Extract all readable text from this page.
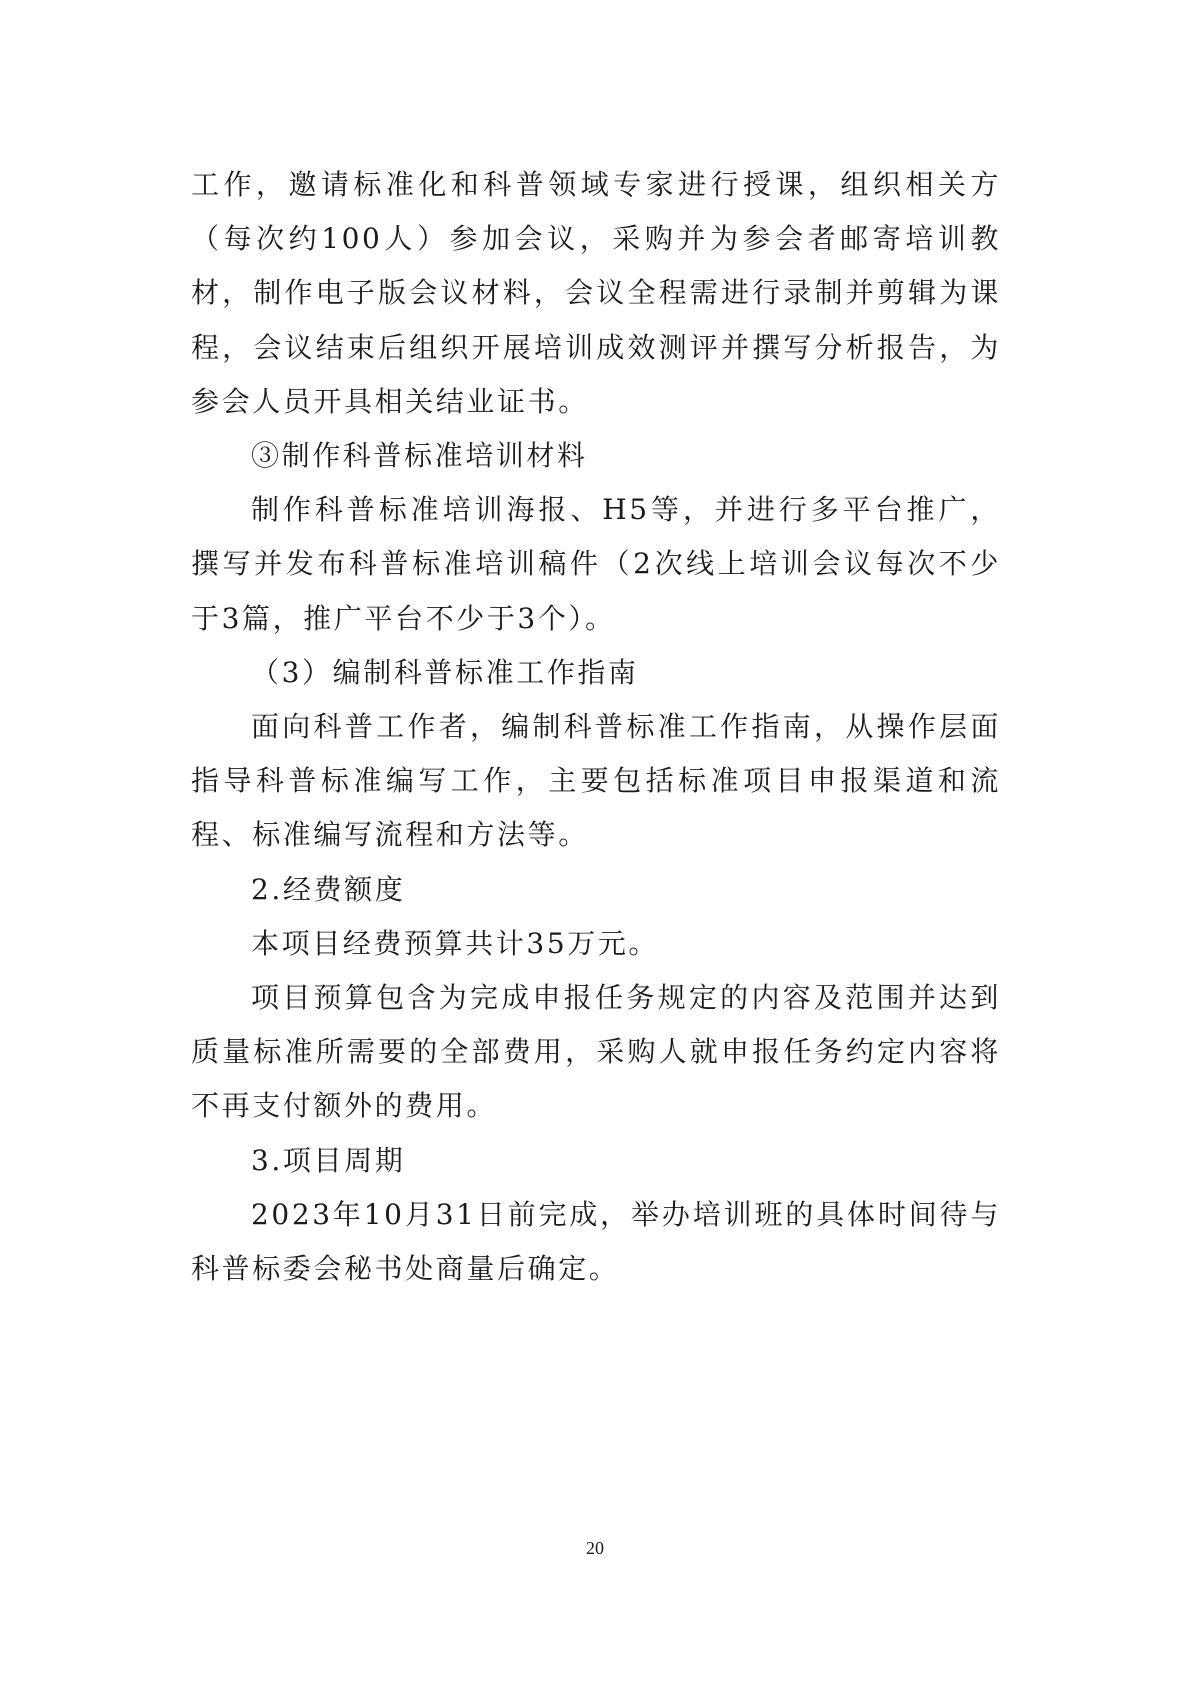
工作，邀请标准化和科普领域专家进行授课，组织相关方（每次约100人）参加会议，采购并为参会者邮寄培训教材，制作电子版会议材料，会议全程需进行录制并剪辑为课程，会议结束后组织开展培训成效测评并撰写分析报告，为参会人员开具相关结业证书。

③制作科普标准培训材料

制作科普标准培训海报、H5等，并进行多平台推广，撰写并发布科普标准培训稿件（2次线上培训会议每次不少于3篇，推广平台不少于3个）。

（3）编制科普标准工作指南

面向科普工作者，编制科普标准工作指南，从操作层面指导科普标准编写工作，主要包括标准项目申报渠道和流程、标准编写流程和方法等。

2.经费额度

本项目经费预算共计35万元。

项目预算包含为完成申报任务规定的内容及范围并达到质量标准所需要的全部费用，采购人就申报任务约定内容将不再支付额外的费用。

3.项目周期

2023年10月31日前完成，举办培训班的具体时间待与科普标委会秘书处商量后确定。

20
